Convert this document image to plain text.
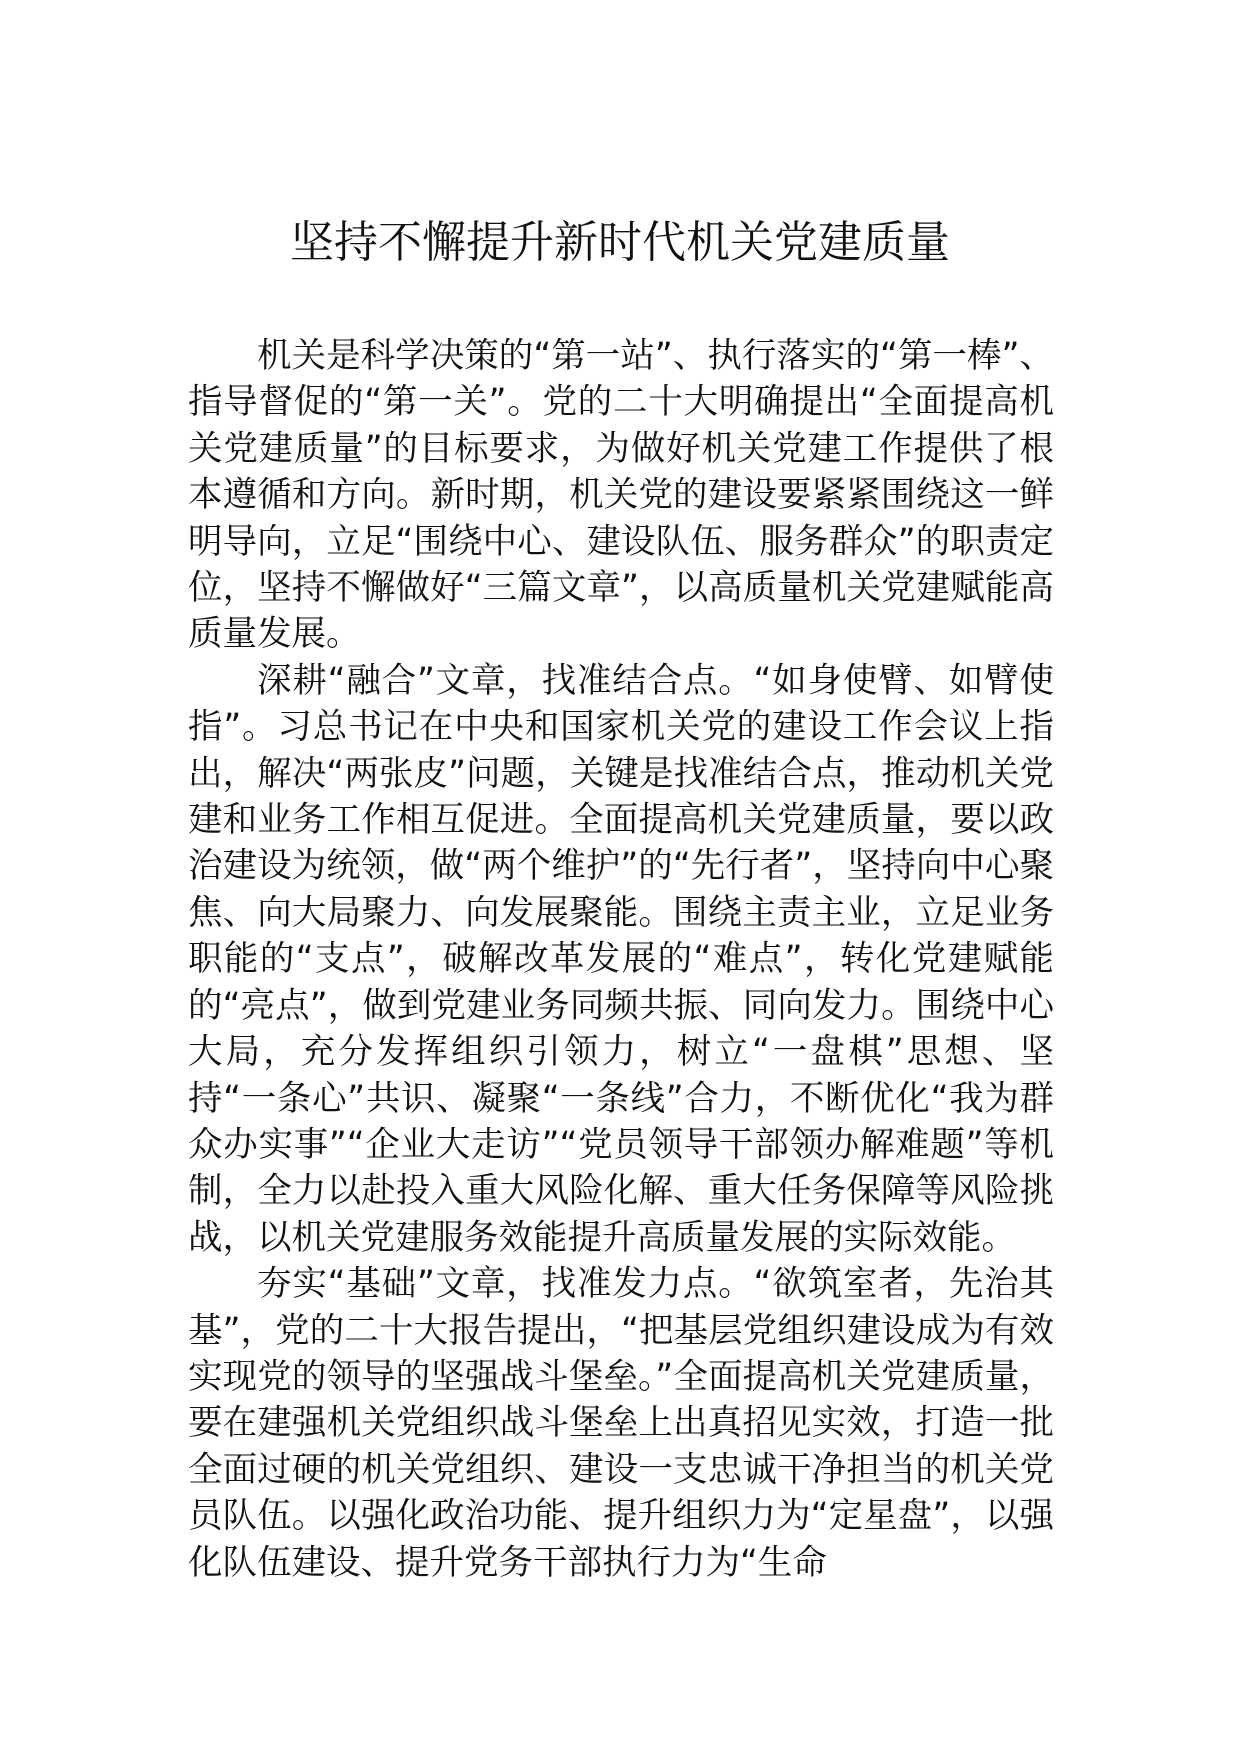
坚持不懈提升新时代机关党建质量

机关是科学决策的“第一站”、执行落实的“第一棒”、指导督促的“第一关”。党的二十大明确提出“全面提高机关党建质量”的目标要求，为做好机关党建工作提供了根本遵循和方向。新时期，机关党的建设要紧紧围绕这一鲜明导向，立足“围绕中心、建设队伍、服务群众”的职责定位，坚持不懈做好“三篇文章”，以高质量机关党建赋能高质量发展。

深耕“融合”文章，找准结合点。“如身使臂、如臂使指”。习总书记在中央和国家机关党的建设工作会议上指出，解决“两张皮”问题，关键是找准结合点，推动机关党建和业务工作相互促进。全面提高机关党建质量，要以政治建设为统领，做“两个维护”的“先行者”，坚持向中心聚焦、向大局聚力、向发展聚能。围绕主责主业，立足业务职能的“支点”，破解改革发展的“难点”，转化党建赋能的“亮点”，做到党建业务同频共振、同向发力。围绕中心大局，充分发挥组织引领力，树立“一盘棋”思想、坚持“一条心”共识、凝聚“一条线”合力，不断优化“我为群众办实事”“企业大走访”“党员领导干部领办解难题”等机制，全力以赴投入重大风险化解、重大任务保障等风险挑战，以机关党建服务效能提升高质量发展的实际效能。

夯实“基础”文章，找准发力点。“欲筑室者，先治其基”，党的二十大报告提出，“把基层党组织建设成为有效实现党的领导的坚强战斗堡垒。”全面提高机关党建质量，要在建强机关党组织战斗堡垒上出真招见实效，打造一批全面过硬的机关党组织、建设一支忠诚干净担当的机关党员队伍。以强化政治功能、提升组织力为“定星盘”，以强化队伍建设、提升党务干部执行力为“生命
